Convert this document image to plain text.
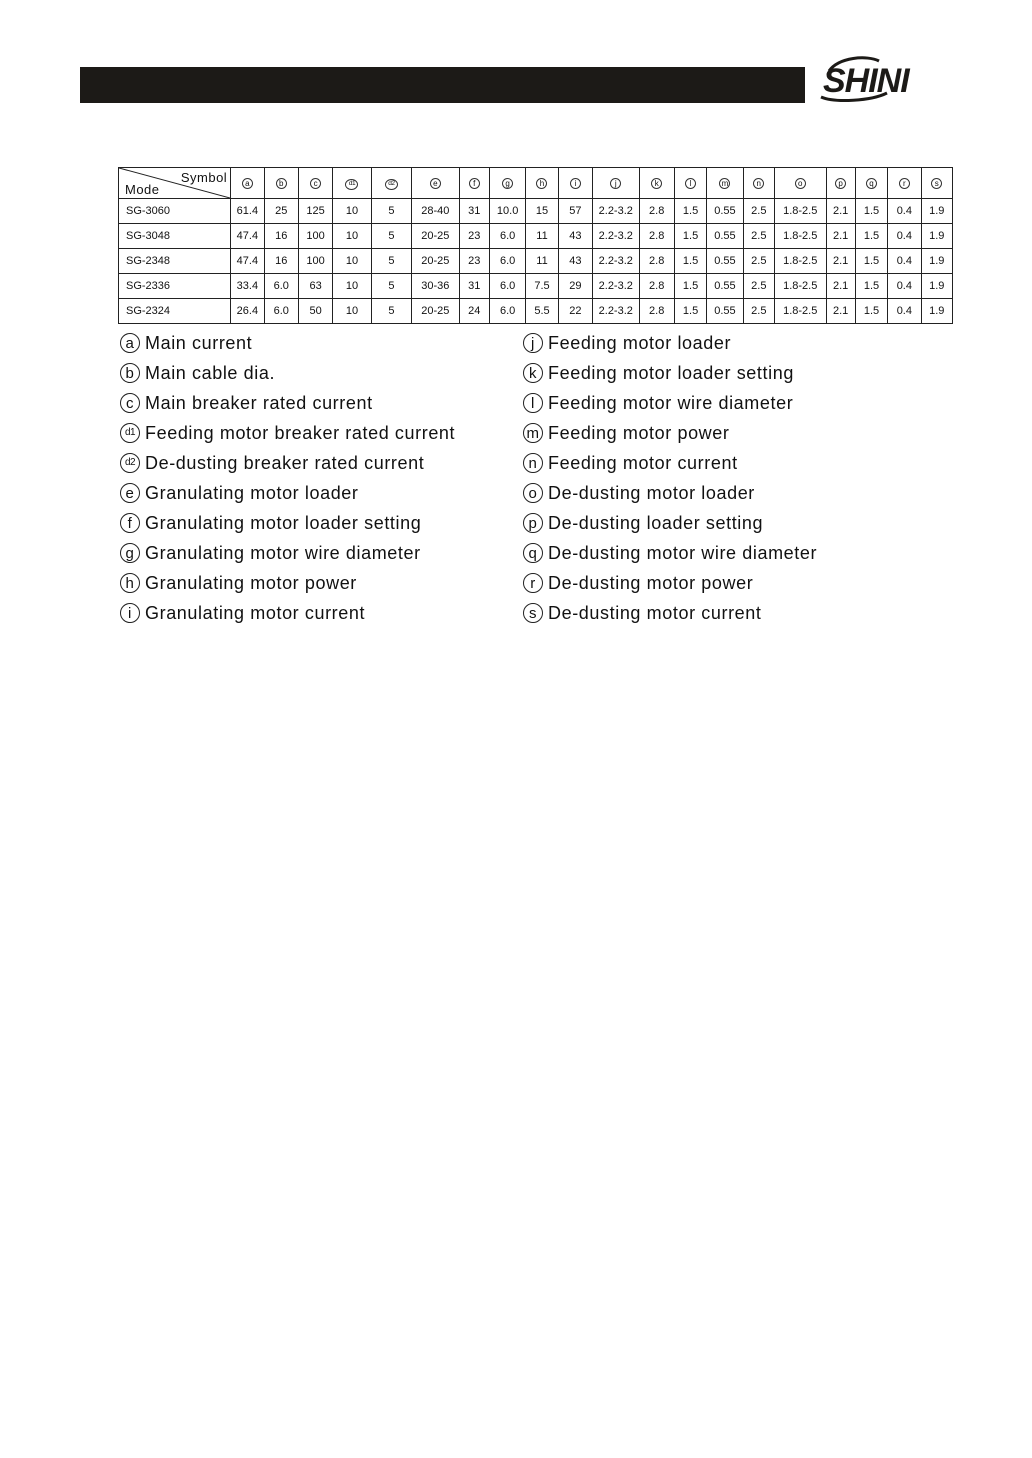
SHINI
Symbol
Mode	a	b	c	d1	d2	e	f	g	h	i	j	k	l	m	n	o	p	q	r	s
SG-3060	61.4	25	125	10	5	28-40	31	10.0	15	57	2.2-3.2	2.8	1.5	0.55	2.5	1.8-2.5	2.1	1.5	0.4	1.9
SG-3048	47.4	16	100	10	5	20-25	23	6.0	11	43	2.2-3.2	2.8	1.5	0.55	2.5	1.8-2.5	2.1	1.5	0.4	1.9
SG-2348	47.4	16	100	10	5	20-25	23	6.0	11	43	2.2-3.2	2.8	1.5	0.55	2.5	1.8-2.5	2.1	1.5	0.4	1.9
SG-2336	33.4	6.0	63	10	5	30-36	31	6.0	7.5	29	2.2-3.2	2.8	1.5	0.55	2.5	1.8-2.5	2.1	1.5	0.4	1.9
SG-2324	26.4	6.0	50	10	5	20-25	24	6.0	5.5	22	2.2-3.2	2.8	1.5	0.55	2.5	1.8-2.5	2.1	1.5	0.4	1.9
a Main current
b Main cable dia.
c Main breaker rated current
d1 Feeding motor breaker rated current
d2 De-dusting breaker rated current
e Granulating motor loader
f Granulating motor loader setting
g Granulating motor wire diameter
h Granulating motor power
i Granulating motor current
j Feeding motor loader
k Feeding motor loader setting
l Feeding motor wire diameter
m Feeding motor power
n Feeding motor current
o De-dusting motor loader
p De-dusting loader setting
q De-dusting motor wire diameter
r De-dusting motor power
s De-dusting motor current
